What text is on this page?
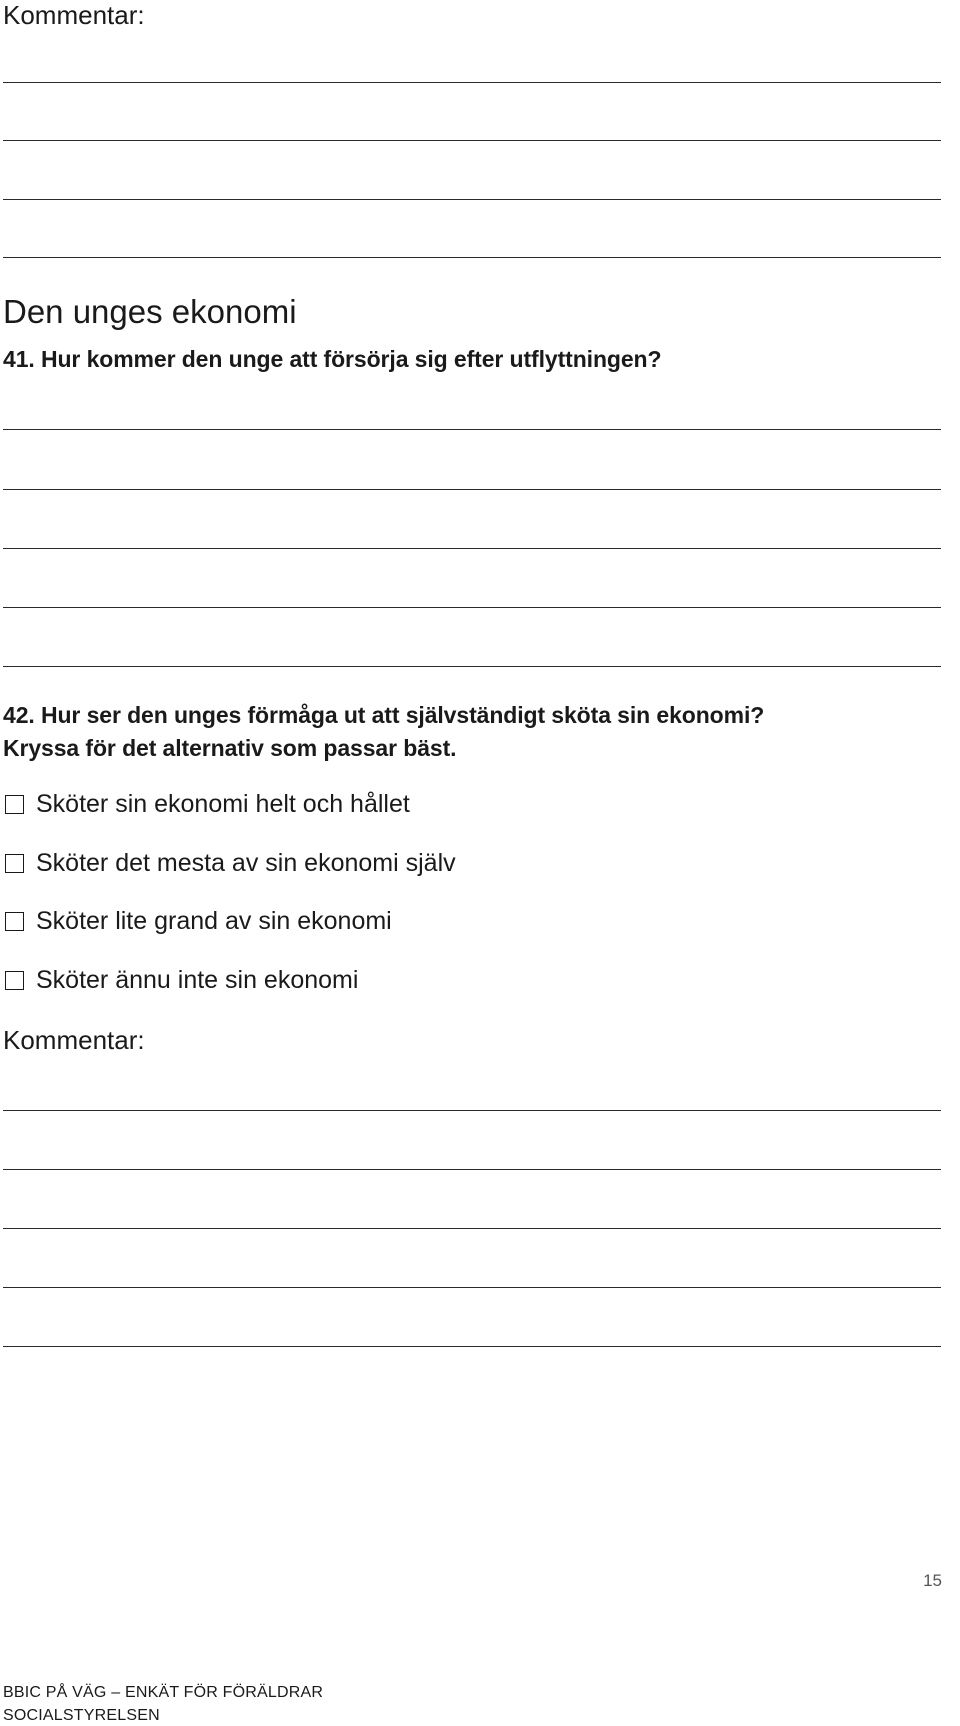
Kommentar:
Den unges ekonomi
41. Hur kommer den unge att försörja sig efter utflyttningen?
42. Hur ser den unges förmåga ut att självständigt sköta sin ekonomi?
Kryssa för det alternativ som passar bäst.
Sköter sin ekonomi helt och hållet
Sköter det mesta av sin ekonomi själv
Sköter lite grand av sin ekonomi
Sköter ännu inte sin ekonomi
Kommentar:
15
BBIC PÅ VÄG – ENKÄT FÖR FÖRÄLDRAR
SOCIALSTYRELSEN
